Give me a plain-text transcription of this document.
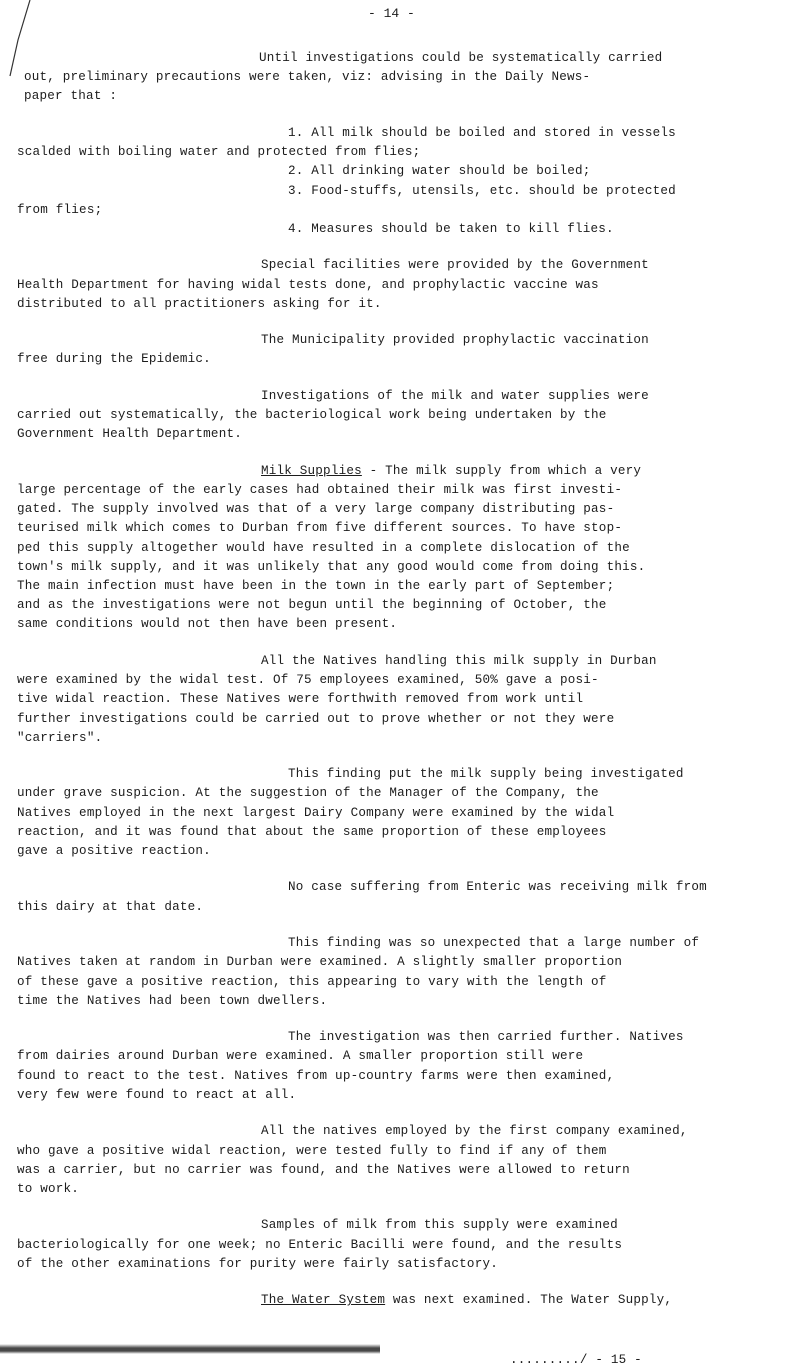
- 14 -
Until investigations could be systematically carried
out, preliminary precautions were taken, viz: advising in the Daily News-
paper that :
1. All milk should be boiled and stored in vessels
scalded with boiling water and protected from flies;
2. All drinking water should be boiled;
3. Food-stuffs, utensils, etc. should be protected
from flies;
4. Measures should be taken to kill flies.
Special facilities were provided by the Government
Health Department for having widal tests done, and prophylactic vaccine was
distributed to all practitioners asking for it.
The Municipality provided prophylactic vaccination
free during the Epidemic.
Investigations of the milk and water supplies were
carried out systematically, the bacteriological work being undertaken by the
Government Health Department.
Milk Supplies - The milk supply from which a very
large percentage of the early cases had obtained their milk was first investi-
gated. The supply involved was that of a very large company distributing pas-
teurised milk which comes to Durban from five different sources. To have stop-
ped this supply altogether would have resulted in a complete dislocation of the
town's milk supply, and it was unlikely that any good would come from doing this.
The main infection must have been in the town in the early part of September;
and as the investigations were not begun until the beginning of October, the
same conditions would not then have been present.
All the Natives handling this milk supply in Durban
were examined by the widal test. Of 75 employees examined, 50% gave a posi-
tive widal reaction. These Natives were forthwith removed from work until
further investigations could be carried out to prove whether or not they were
"carriers".
This finding put the milk supply being investigated
under grave suspicion. At the suggestion of the Manager of the Company, the
Natives employed in the next largest Dairy Company were examined by the widal
reaction, and it was found that about the same proportion of these employees
gave a positive reaction.
No case suffering from Enteric was receiving milk from
this dairy at that date.
This finding was so unexpected that a large number of
Natives taken at random in Durban were examined. A slightly smaller proportion
of these gave a positive reaction, this appearing to vary with the length of
time the Natives had been town dwellers.
The investigation was then carried further. Natives
from dairies around Durban were examined. A smaller proportion still were
found to react to the test. Natives from up-country farms were then examined,
very few were found to react at all.
All the natives employed by the first company examined,
who gave a positive widal reaction, were tested fully to find if any of them
was a carrier, but no carrier was found, and the Natives were allowed to return
to work.
Samples of milk from this supply were examined
bacteriologically for one week; no Enteric Bacilli were found, and the results
of the other examinations for purity were fairly satisfactory.
The Water System was next examined. The Water Supply,
........./ - 15 -
